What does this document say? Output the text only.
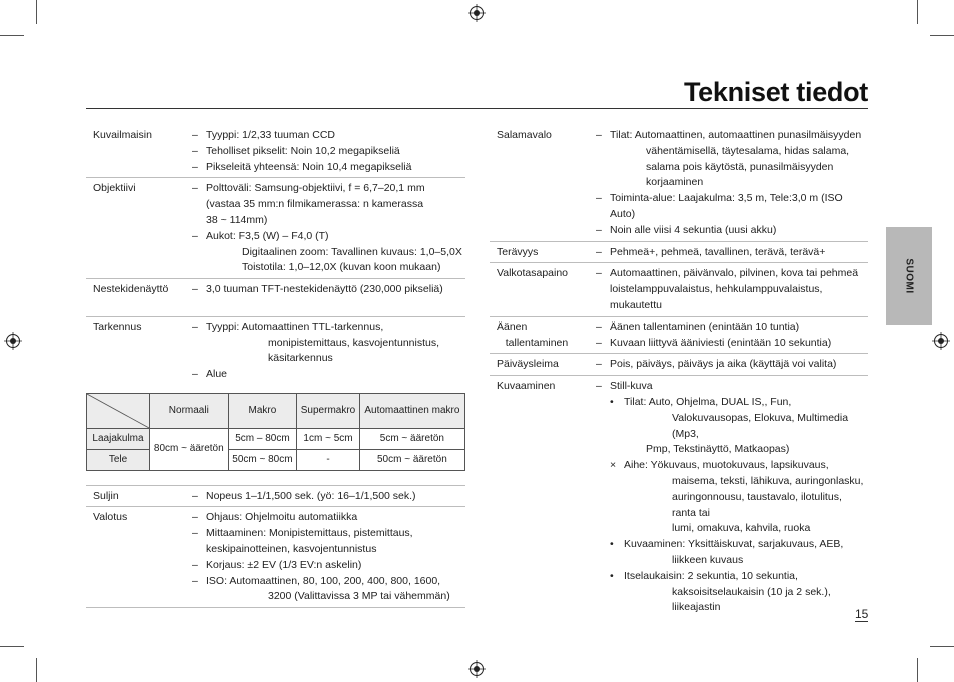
Tekniset tiedot
Kuvailmaisin	– Tyyppi: 1/2,33 tuuman CCD
– Teholliset pikselit: Noin 10,2 megapikseliä
– Pikseleitä yhteensä: Noin 10,4 megapikseliä
Objektiivi	– Polttoväli: Samsung-objektiivi, f = 6,7–20,1 mm
(vastaa 35 mm:n filmikamerassa: n kamerassa
38 ~ 114mm)
– Aukot: F3,5 (W) – F4,0 (T)
Digitaalinen zoom: Tavallinen kuvaus: 1,0–5,0X
Toistotila: 1,0–12,0X (kuvan koon mukaan)
Nestekidenäyttö	– 3,0 tuuman TFT-nestekidenäyttö (230,000 pikseliä)

Tarkennus	– Tyyppi: Automaattinen TTL-tarkennus,
monipistemittaus, kasvojentunnistus,
käsitarkennus
– Alue
	Normaali	Makro	Supermakro	Automaattinen makro
Laajakulma	80cm ~ ääretön	5cm – 80cm	1cm ~ 5cm	5cm ~ ääretön
Tele		50cm ~ 80cm	-	50cm ~ ääretön
Suljin	– Nopeus 1–1/1,500 sek. (yö: 16–1/1,500 sek.)
Valotus	– Ohjaus: Ohjelmoitu automatiikka
– Mittaaminen: Monipistemittaus, pistemittaus,
keskipainotteinen, kasvojentunnistus
– Korjaus: ±2 EV (1/3 EV:n askelin)
– ISO: Automaattinen, 80, 100, 200, 400, 800, 1600,
3200 (Valittavissa 3 MP tai vähemmän)
Salamavalo	– Tilat: Automaattinen, automaattinen punasilmäisyyden
vähentämisellä, täytesalama, hidas salama,
salama pois käytöstä, punasilmäisyyden
korjaaminen
– Toiminta-alue: Laajakulma: 3,5 m, Tele:3,0 m (ISO
Auto)
– Noin alle viisi 4 sekuntia (uusi akku)
Terävyys	– Pehmeä+, pehmeä, tavallinen, terävä, terävä+
Valkotasapaino	– Automaattinen, päivänvalo, pilvinen, kova tai pehmeä
loistelamppuvalaistus, hehkulamppuvalaistus,
mukautettu
Äänen
tallentaminen
– Äänen tallentaminen (enintään 10 tuntia)
– Kuvaan liittyvä ääniviesti (enintään 10 sekuntia)
Päiväysleima	– Pois, päiväys, päiväys ja aika (käyttäjä voi valita)
Kuvaaminen	– Still-kuva
• Tilat: Auto, Ohjelma, DUAL IS,, Fun,
Valokuvausopas, Elokuva, Multimedia (Mp3,
Pmp, Tekstinäyttö, Matkaopas)
× Aihe: Yökuvaus, muotokuvaus, lapsikuvaus,
maisema, teksti, lähikuva, auringonlasku,
auringonnousu, taustavalo, ilotulitus, ranta tai
lumi, omakuva, kahvila, ruoka
• Kuvaaminen: Yksittäiskuvat, sarjakuvaus, AEB,
liikkeen kuvaus
• Itselaukaisin: 2 sekuntia, 10 sekuntia,
kaksoisitselaukaisin (10 ja 2 sek.),
liikeajastin
SUOMI
15
